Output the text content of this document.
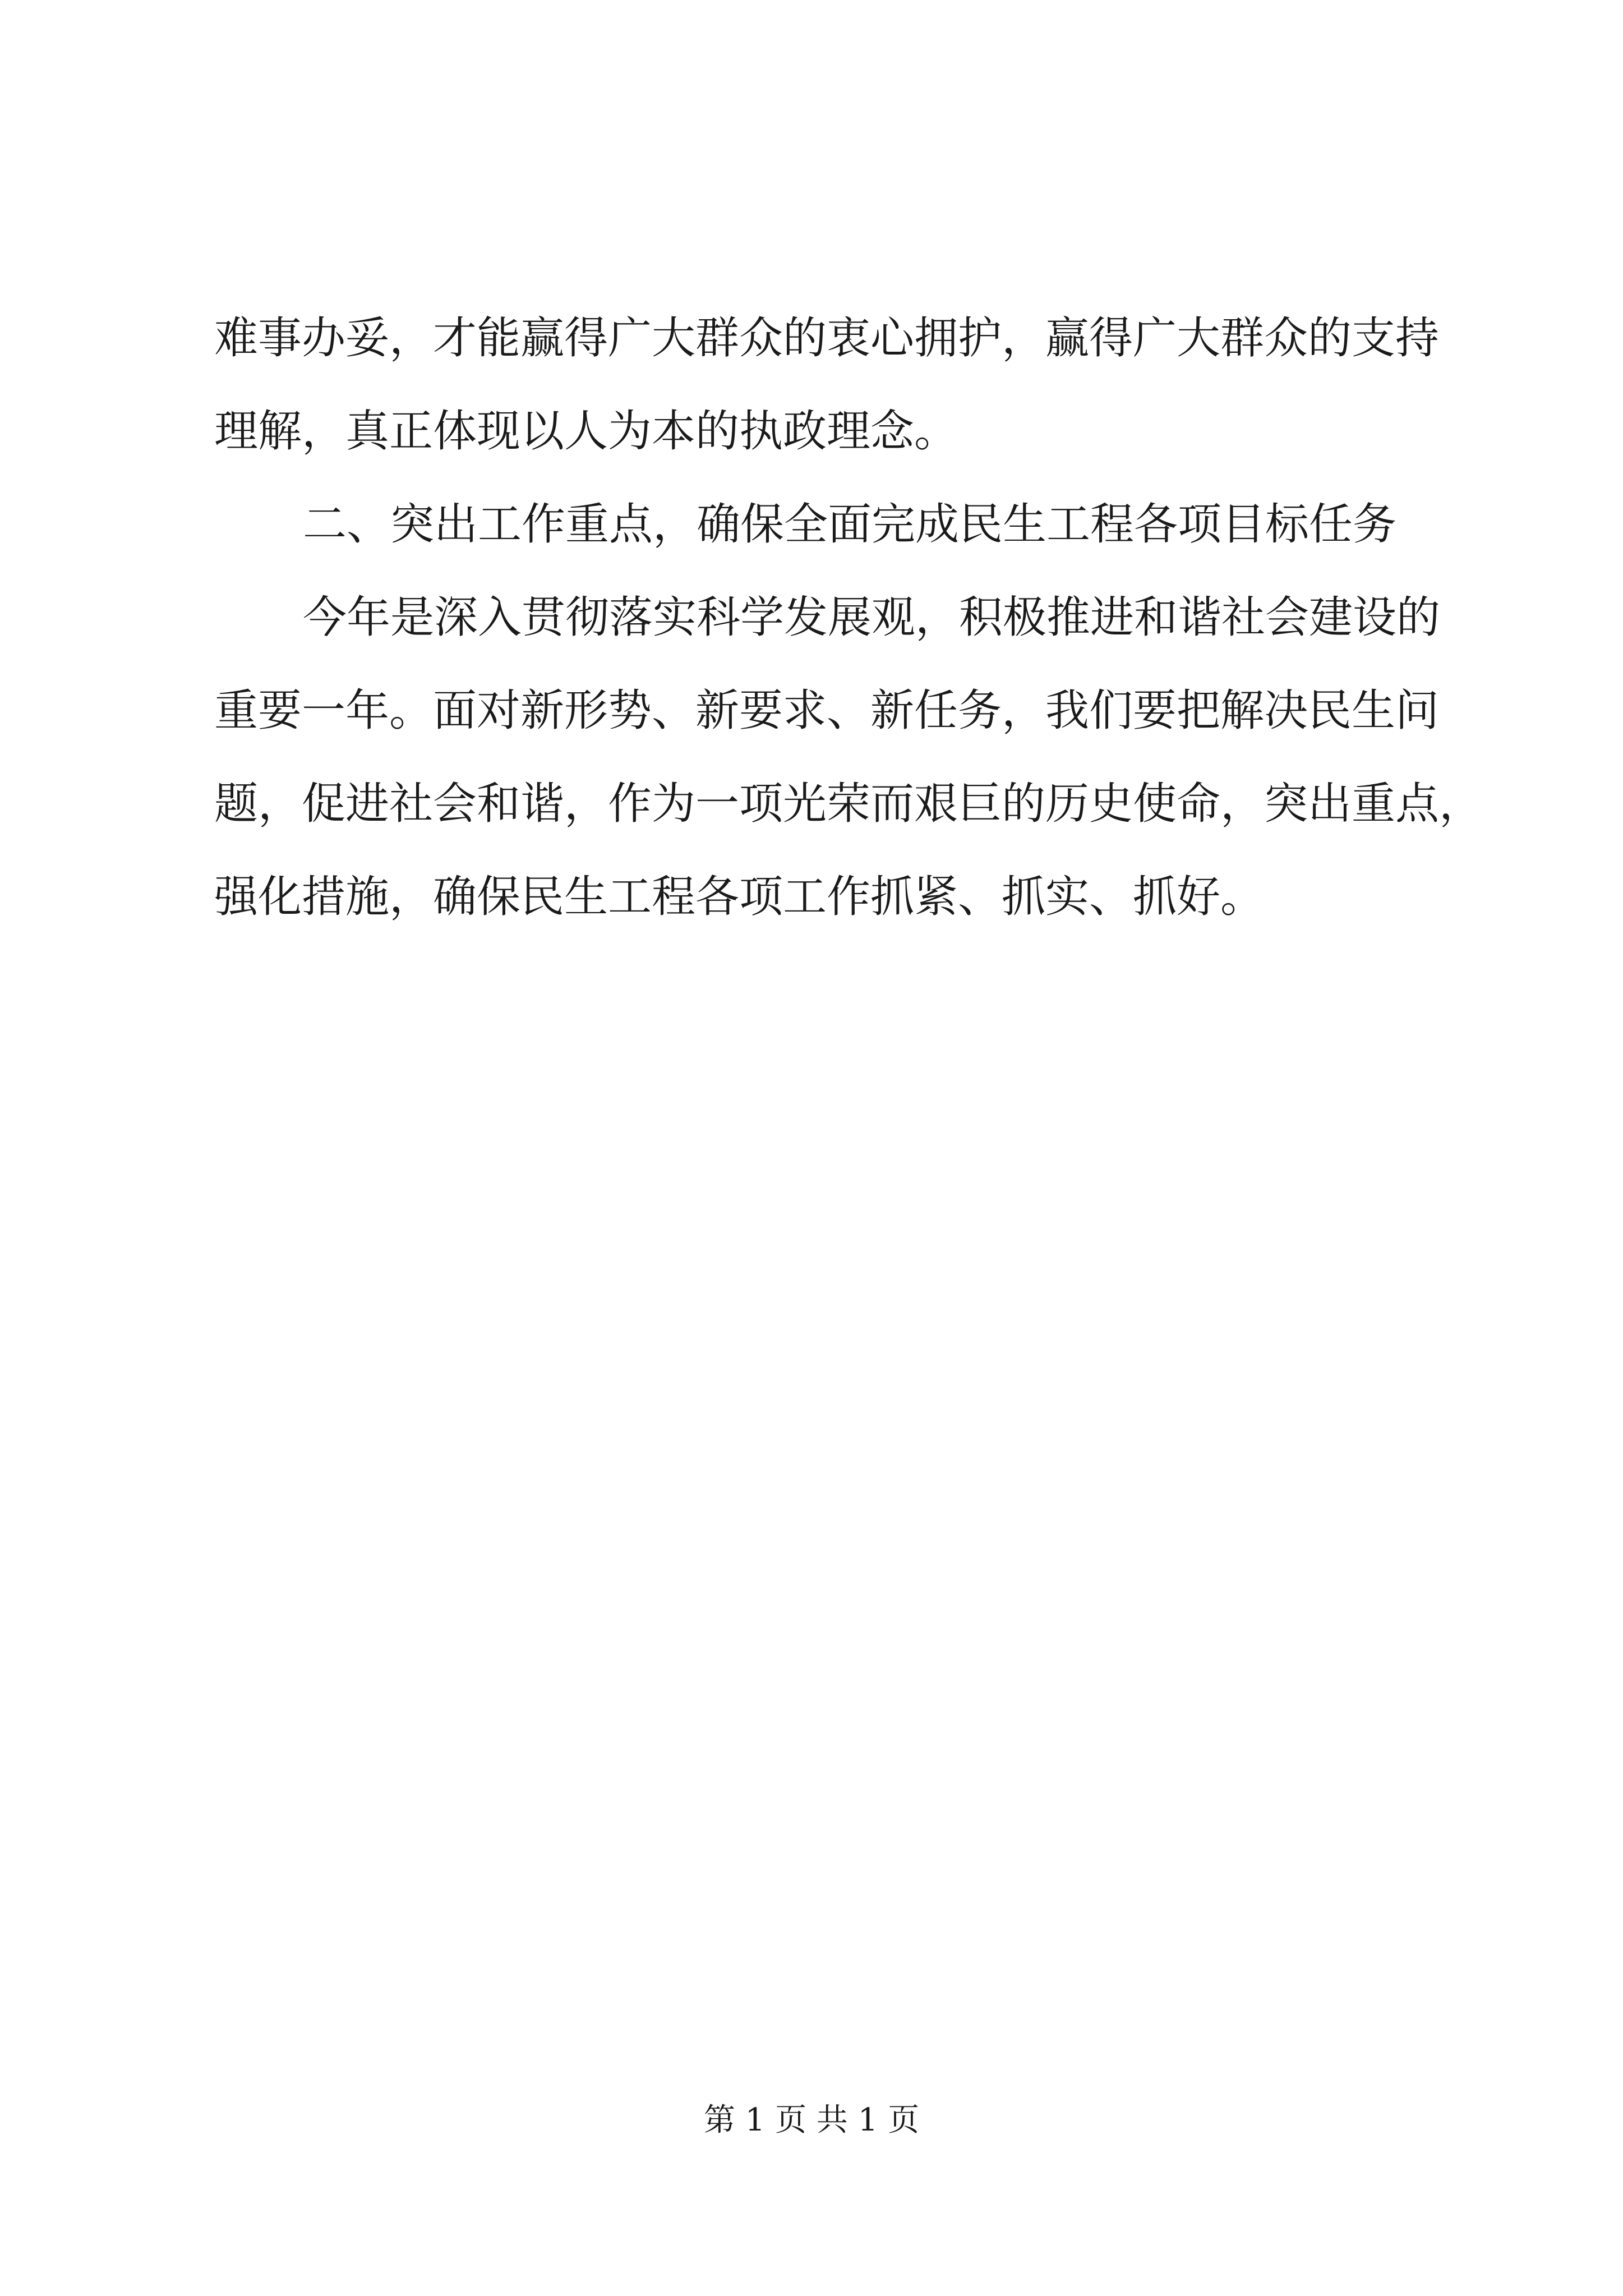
难事办妥，才能赢得广大群众的衷心拥护，赢得广大群众的支持
理解，真正体现以人为本的执政理念。
二、突出工作重点，确保全面完成民生工程各项目标任务
今年是深入贯彻落实科学发展观，积极推进和谐社会建设的
重要一年。面对新形势、新要求、新任务，我们要把解决民生问
题，促进社会和谐，作为一项光荣而艰巨的历史使命，突出重点，
强化措施，确保民生工程各项工作抓紧、抓实、抓好。
第 1 页 共 1 页
